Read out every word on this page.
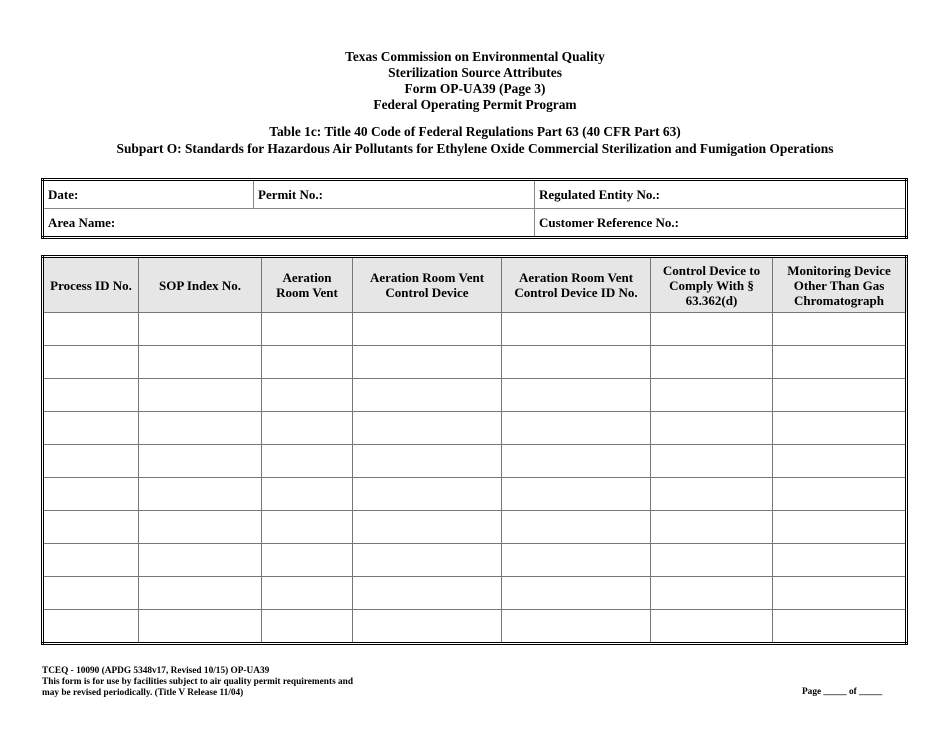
Texas Commission on Environmental Quality
Sterilization Source Attributes
Form OP-UA39 (Page 3)
Federal Operating Permit Program
Table 1c: Title 40 Code of Federal Regulations Part 63 (40 CFR Part 63)
Subpart O: Standards for Hazardous Air Pollutants for Ethylene Oxide Commercial Sterilization and Fumigation Operations
Date:	Permit No.:	Regulated Entity No.:
Area Name:		Customer Reference No.:
Process ID No.	SOP Index No.	Aeration Room Vent	Aeration Room Vent Control Device	Aeration Room Vent Control Device ID No.	Control Device to Comply With § 63.362(d)	Monitoring Device Other Than Gas Chromatograph

TCEQ - 10090 (APDG 5348v17, Revised 10/15) OP-UA39
This form is for use by facilities subject to air quality permit requirements and
may be revised periodically. (Title V Release 11/04)	Page _____ of _____
